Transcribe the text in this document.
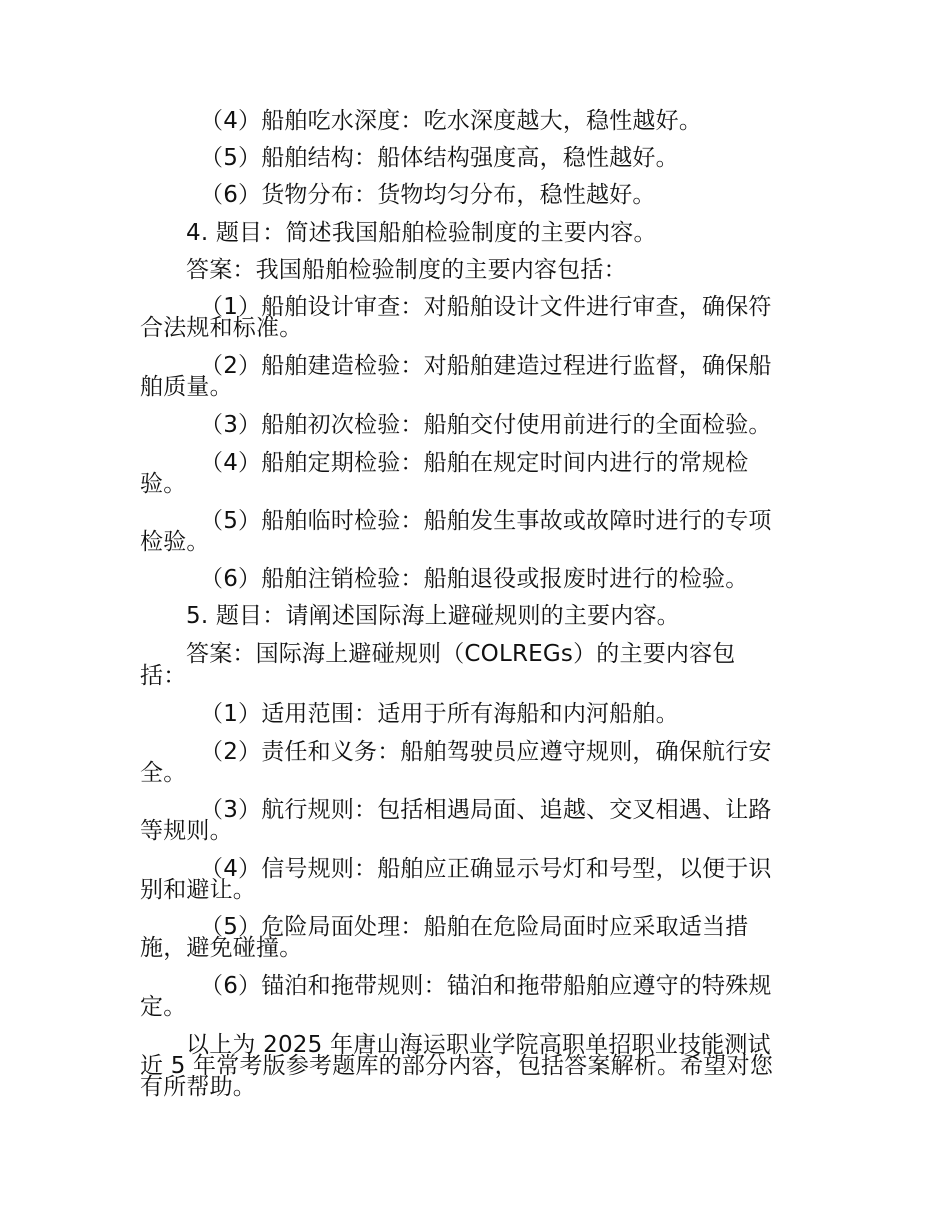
（4）船舶吃水深度：吃水深度越大，稳性越好。

（5）船舶结构：船体结构强度高，稳性越好。

（6）货物分布：货物均匀分布，稳性越好。

4. 题目：简述我国船舶检验制度的主要内容。

答案：我国船舶检验制度的主要内容包括：

（1）船舶设计审查：对船舶设计文件进行审查，确保符

合法规和标准。

（2）船舶建造检验：对船舶建造过程进行监督，确保船

舶质量。

（3）船舶初次检验：船舶交付使用前进行的全面检验。

（4）船舶定期检验：船舶在规定时间内进行的常规检

验。

（5）船舶临时检验：船舶发生事故或故障时进行的专项

检验。

（6）船舶注销检验：船舶退役或报废时进行的检验。

5. 题目：请阐述国际海上避碰规则的主要内容。

答案：国际海上避碰规则（COLREGs）的主要内容包

括：

（1）适用范围：适用于所有海船和内河船舶。

（2）责任和义务：船舶驾驶员应遵守规则，确保航行安

全。

（3）航行规则：包括相遇局面、追越、交叉相遇、让路

等规则。

（4）信号规则：船舶应正确显示号灯和号型，以便于识

别和避让。

（5）危险局面处理：船舶在危险局面时应采取适当措

施，避免碰撞。

（6）锚泊和拖带规则：锚泊和拖带船舶应遵守的特殊规

定。

以上为 2025 年唐山海运职业学院高职单招职业技能测试

近 5 年常考版参考题库的部分内容，包括答案解析。希望对您

有所帮助。
